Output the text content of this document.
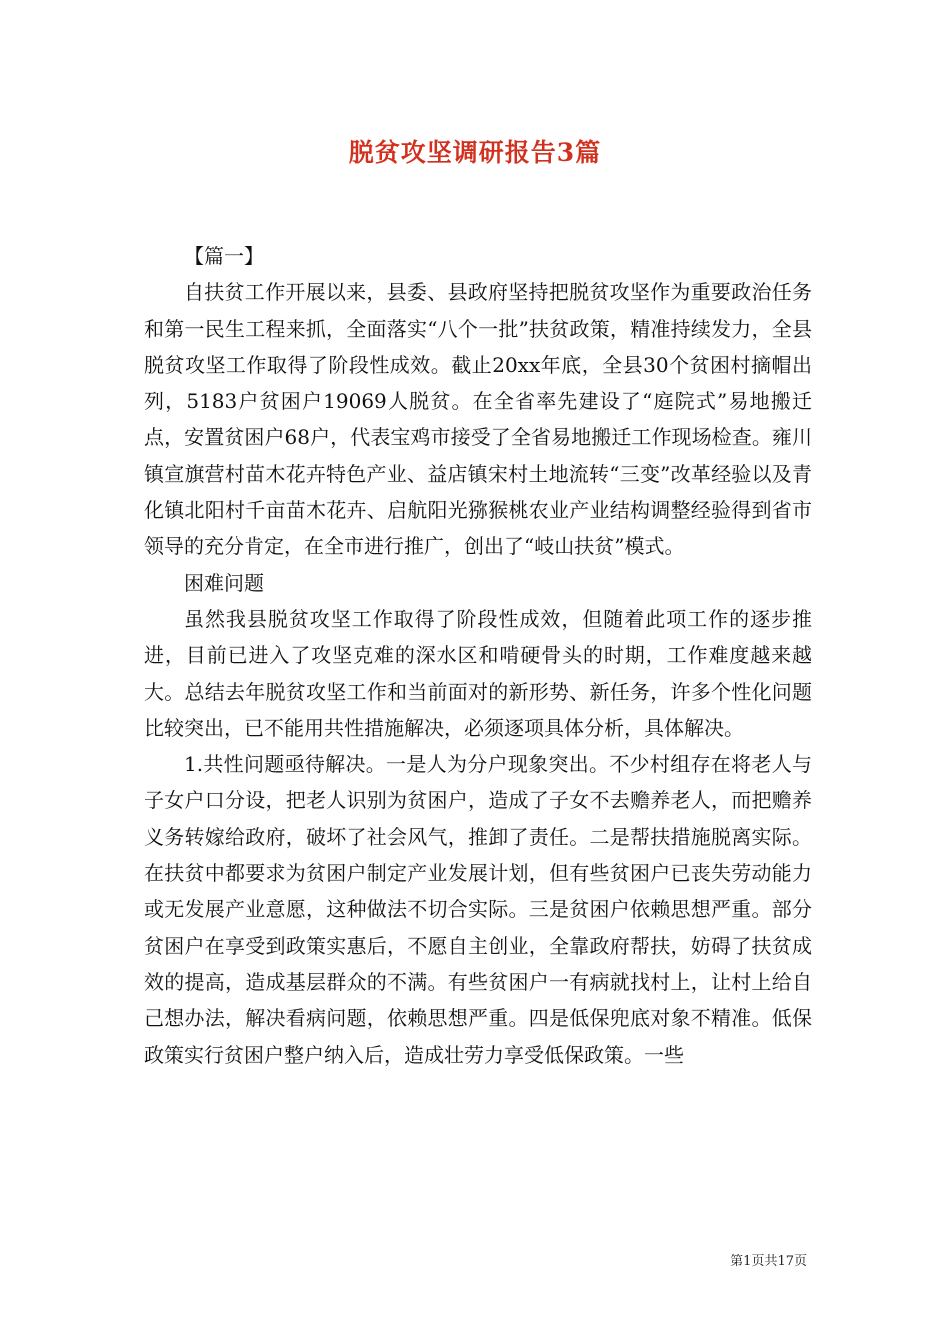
脱贫攻坚调研报告3篇

【篇一】

自扶贫工作开展以来，县委、县政府坚持把脱贫攻坚作为重要政治任务和第一民生工程来抓，全面落实“八个一批”扶贫政策，精准持续发力，全县脱贫攻坚工作取得了阶段性成效。截止20xx年底，全县30个贫困村摘帽出列，5183户贫困户19069人脱贫。在全省率先建设了“庭院式”易地搬迁点，安置贫困户68户，代表宝鸡市接受了全省易地搬迁工作现场检查。雍川镇宣旗营村苗木花卉特色产业、益店镇宋村土地流转“三变”改革经验以及青化镇北阳村千亩苗木花卉、启航阳光猕猴桃农业产业结构调整经验得到省市领导的充分肯定，在全市进行推广，创出了“岐山扶贫”模式。

困难问题

虽然我县脱贫攻坚工作取得了阶段性成效，但随着此项工作的逐步推进，目前已进入了攻坚克难的深水区和啃硬骨头的时期，工作难度越来越大。总结去年脱贫攻坚工作和当前面对的新形势、新任务，许多个性化问题比较突出，已不能用共性措施解决，必须逐项具体分析，具体解决。

1.共性问题亟待解决。一是人为分户现象突出。不少村组存在将老人与子女户口分设，把老人识别为贫困户，造成了子女不去赡养老人，而把赡养义务转嫁给政府，破坏了社会风气，推卸了责任。二是帮扶措施脱离实际。在扶贫中都要求为贫困户制定产业发展计划，但有些贫困户已丧失劳动能力或无发展产业意愿，这种做法不切合实际。三是贫困户依赖思想严重。部分贫困户在享受到政策实惠后，不愿自主创业，全靠政府帮扶，妨碍了扶贫成效的提高，造成基层群众的不满。有些贫困户一有病就找村上，让村上给自己想办法，解决看病问题，依赖思想严重。四是低保兜底对象不精准。低保政策实行贫困户整户纳入后，造成壮劳力享受低保政策。一些

第1页共17页
